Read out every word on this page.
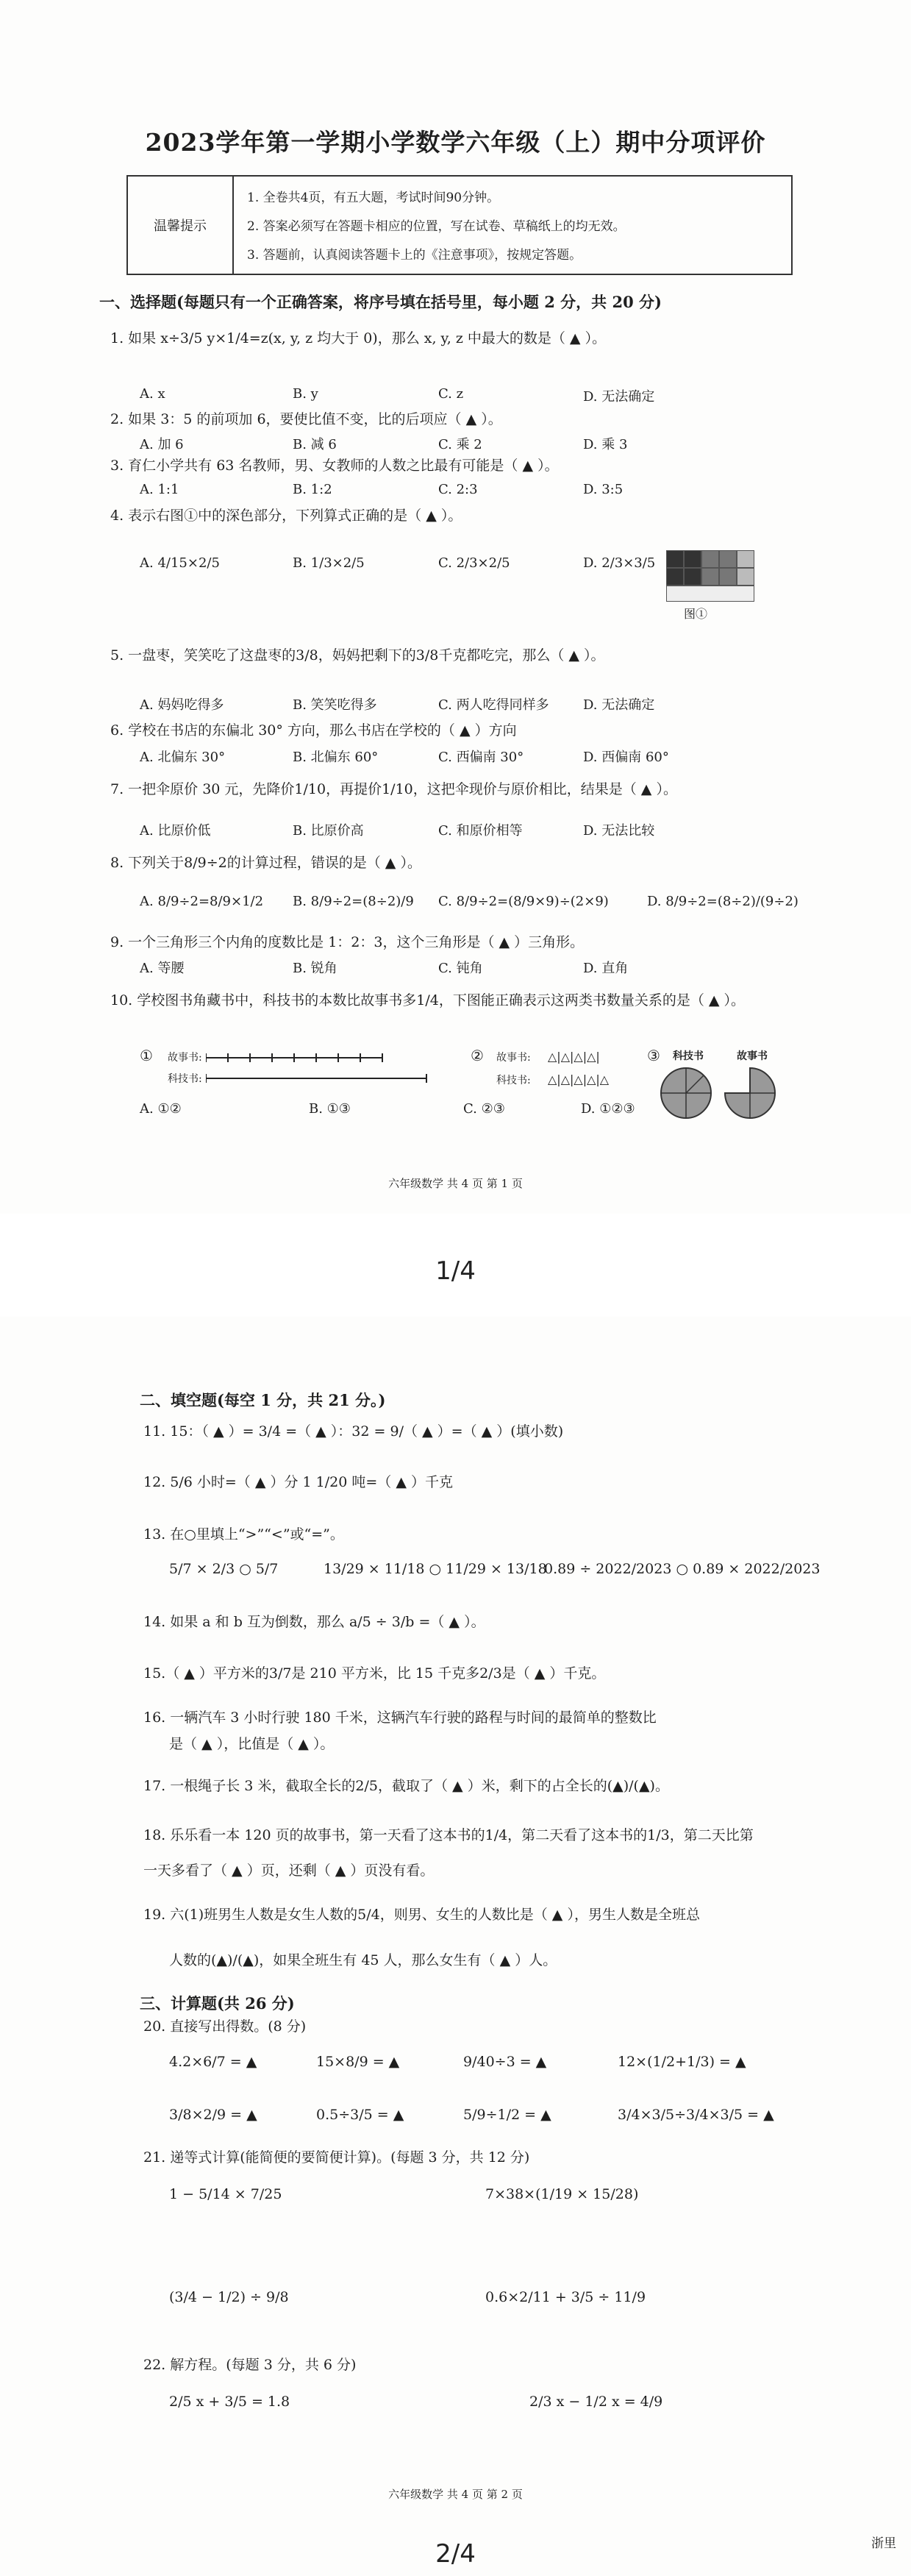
2023学年第一学期小学数学六年级（上）期中分项评价
温馨提示
1. 全卷共4页，有五大题，考试时间90分钟。
2. 答案必须写在答题卡相应的位置，写在试卷、草稿纸上的均无效。
3. 答题前，认真阅读答题卡上的《注意事项》，按规定答题。
一、选择题(每题只有一个正确答案，将序号填在括号里，每小题 2 分，共 20 分)
1. 如果 x÷3/5 y×1/4=z(x, y, z 均大于 0)，那么 x, y, z 中最大的数是（ ▲ ）。
A. x	B. y	C. z	D. 无法确定
2. 如果 3：5 的前项加 6，要使比值不变，比的后项应（ ▲ ）。
A. 加 6	B. 减 6	C. 乘 2	D. 乘 3
3. 育仁小学共有 63 名教师，男、女教师的人数之比最有可能是（ ▲ ）。
A. 1:1	B. 1:2	C. 2:3	D. 3:5
4. 表示右图①中的深色部分，下列算式正确的是（ ▲ ）。
A. 4/15×2/5	B. 1/3×2/5	C. 2/3×2/5	D. 2/3×3/5
图①
5. 一盘枣，笑笑吃了这盘枣的3/8，妈妈把剩下的3/8千克都吃完，那么（ ▲ ）。
A. 妈妈吃得多	B. 笑笑吃得多	C. 两人吃得同样多	D. 无法确定
6. 学校在书店的东偏北 30° 方向，那么书店在学校的（ ▲ ）方向
A. 北偏东 30°	B. 北偏东 60°	C. 西偏南 30°	D. 西偏南 60°
7. 一把伞原价 30 元，先降价1/10，再提价1/10，这把伞现价与原价相比，结果是（ ▲ ）。
A. 比原价低	B. 比原价高	C. 和原价相等	D. 无法比较
8. 下列关于8/9÷2的计算过程，错误的是（ ▲ ）。
A. 8/9÷2=8/9×1/2 B. 8/9÷2=(8÷2)/9 C. 8/9÷2=(8/9×9)÷(2×9)	D. 8/9÷2=(8÷2)/(9÷2)
9. 一个三角形三个内角的度数比是 1：2：3，这个三角形是（ ▲ ）三角形。
A. 等腰	B. 锐角	C. 钝角	D. 直角
10. 学校图书角藏书中，科技书的本数比故事书多1/4，下图能正确表示这两类书数量关系的是（ ▲ ）。
① 故事书:
科技书:
② 故事书: △|△|△|△|
科技书: △|△|△|△|△
③ 科技书	故事书
A. ①②	B. ①③	C. ②③	D. ①②③
六年级数学 共 4 页 第 1 页
1/4
二、填空题(每空 1 分，共 21 分。)
11. 15：（ ▲ ）= 3/4 =（ ▲ ）：32 = 9/（ ▲ ）=（ ▲ ）(填小数)
12. 5/6 小时=（ ▲ ）分 1 1/20 吨=（ ▲ ）千克
13. 在○里填上“>”“<”或“=”。
5/7 × 2/3 ○ 5/7	13/29 × 11/18 ○ 11/29 × 13/18
0.89 ÷ 2022/2023 ○ 0.89 × 2022/2023
14. 如果 a 和 b 互为倒数，那么 a/5 ÷ 3/b =（ ▲ ）。
15.（ ▲ ）平方米的3/7是 210 平方米，比 15 千克多2/3是（ ▲ ）千克。
16. 一辆汽车 3 小时行驶 180 千米，这辆汽车行驶的路程与时间的最简单的整数比
是（ ▲ ），比值是（ ▲ ）。
17. 一根绳子长 3 米，截取全长的2/5，截取了（ ▲ ）米，剩下的占全长的(▲)/(▲)。
18. 乐乐看一本 120 页的故事书，第一天看了这本书的1/4，第二天看了这本书的1/3，第二天比第
一天多看了（ ▲ ）页，还剩（ ▲ ）页没有看。
19. 六(1)班男生人数是女生人数的5/4，则男、女生的人数比是（ ▲ ），男生人数是全班总
人数的(▲)/(▲)，如果全班生有 45 人，那么女生有（ ▲ ）人。
三、计算题(共 26 分)
20. 直接写出得数。(8 分)
4.2×6/7 = ▲	15×8/9 = ▲	9/40÷3 = ▲	12×(1/2+1/3) = ▲
3/8×2/9 = ▲	0.5÷3/5 = ▲	5/9÷1/2 = ▲	3/4×3/5÷3/4×3/5 = ▲
21. 递等式计算(能简便的要简便计算)。(每题 3 分，共 12 分)
1 − 5/14 × 7/25	7×38×(1/19 × 15/28)
(3/4 − 1/2) ÷ 9/8	0.6×2/11 + 3/5 ÷ 11/9
22. 解方程。(每题 3 分，共 6 分)
2/5 x + 3/5 = 1.8	2/3 x − 1/2 x = 4/9
六年级数学 共 4 页 第 2 页
2/4	浙里
